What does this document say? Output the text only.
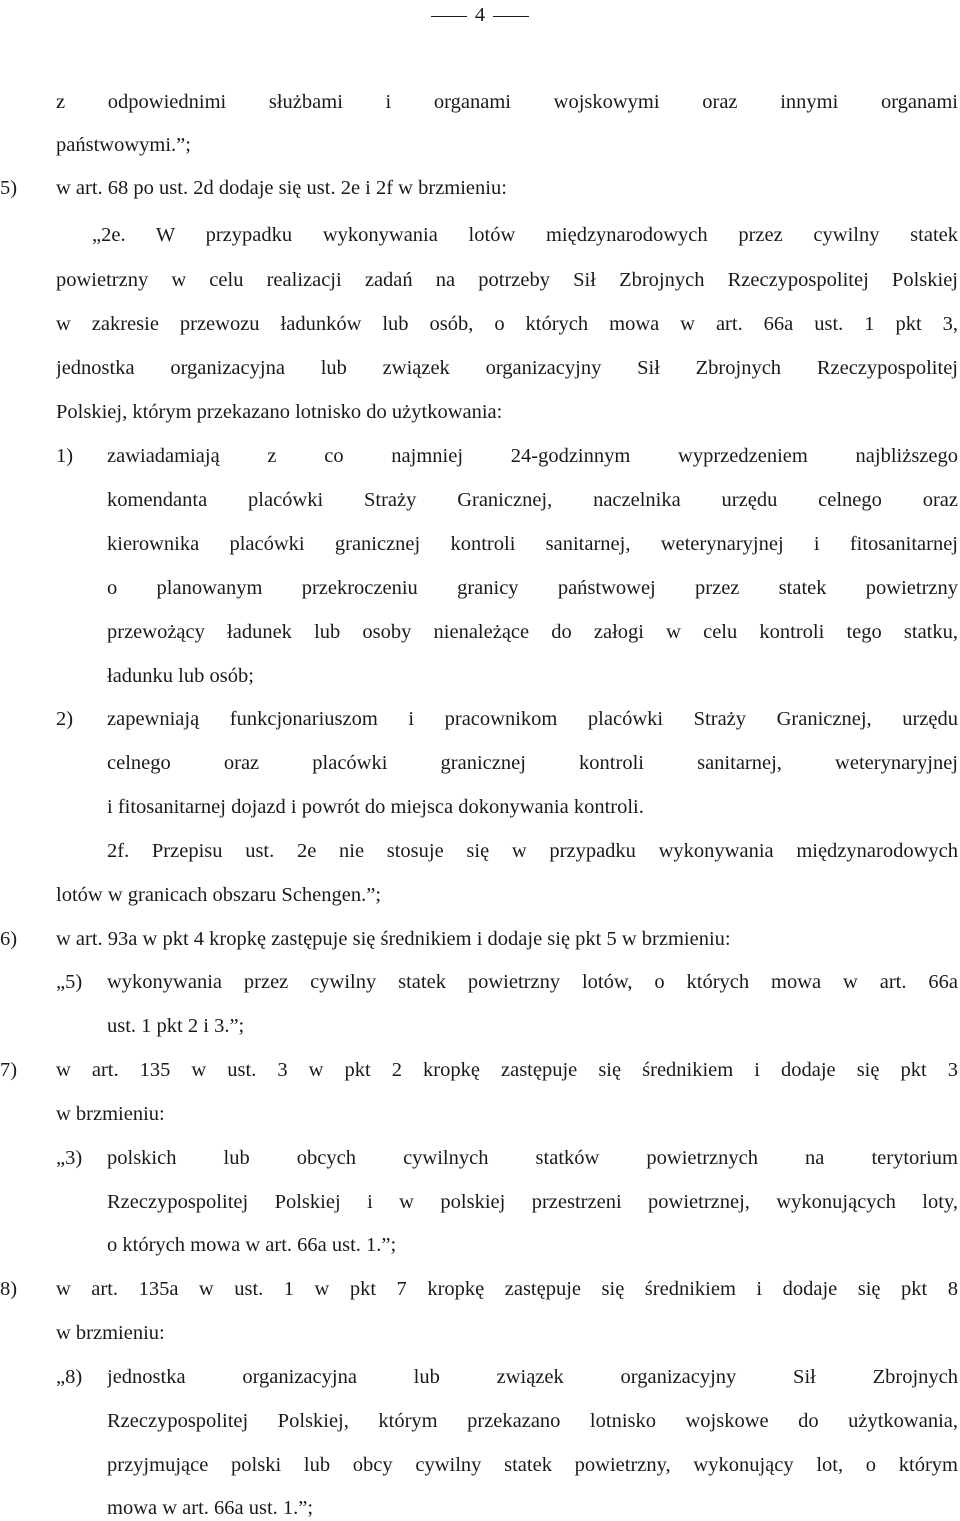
4
z odpowiednimi służbami i organami wojskowymi oraz innymi organami
państwowymi.”;
5) w art. 68 po ust. 2d dodaje się ust. 2e i 2f w brzmieniu:
„2e. W przypadku wykonywania lotów międzynarodowych przez cywilny statek
powietrzny w celu realizacji zadań na potrzeby Sił Zbrojnych Rzeczypospolitej Polskiej
w zakresie przewozu ładunków lub osób, o których mowa w art. 66a ust. 1 pkt 3,
jednostka organizacyjna lub związek organizacyjny Sił Zbrojnych Rzeczypospolitej
Polskiej, którym przekazano lotnisko do użytkowania:
1) zawiadamiają z co najmniej 24-godzinnym wyprzedzeniem najbliższego
komendanta placówki Straży Granicznej, naczelnika urzędu celnego oraz
kierownika placówki granicznej kontroli sanitarnej, weterynaryjnej i fitosanitarnej
o planowanym przekroczeniu granicy państwowej przez statek powietrzny
przewożący ładunek lub osoby nienależące do załogi w celu kontroli tego statku,
ładunku lub osób;
2) zapewniają funkcjonariuszom i pracownikom placówki Straży Granicznej, urzędu
celnego oraz placówki granicznej kontroli sanitarnej, weterynaryjnej
i fitosanitarnej dojazd i powrót do miejsca dokonywania kontroli.
2f. Przepisu ust. 2e nie stosuje się w przypadku wykonywania międzynarodowych
lotów w granicach obszaru Schengen.”;
6) w art. 93a w pkt 4 kropkę zastępuje się średnikiem i dodaje się pkt 5 w brzmieniu:
„5) wykonywania przez cywilny statek powietrzny lotów, o których mowa w art. 66a
ust. 1 pkt 2 i 3.”;
7) w art. 135 w ust. 3 w pkt 2 kropkę zastępuje się średnikiem i dodaje się pkt 3
w brzmieniu:
„3) polskich lub obcych cywilnych statków powietrznych na terytorium
Rzeczypospolitej Polskiej i w polskiej przestrzeni powietrznej, wykonujących loty,
o których mowa w art. 66a ust. 1.”;
8) w art. 135a w ust. 1 w pkt 7 kropkę zastępuje się średnikiem i dodaje się pkt 8
w brzmieniu:
„8) jednostka organizacyjna lub związek organizacyjny Sił Zbrojnych
Rzeczypospolitej Polskiej, którym przekazano lotnisko wojskowe do użytkowania,
przyjmujące polski lub obcy cywilny statek powietrzny, wykonujący lot, o którym
mowa w art. 66a ust. 1.”;
